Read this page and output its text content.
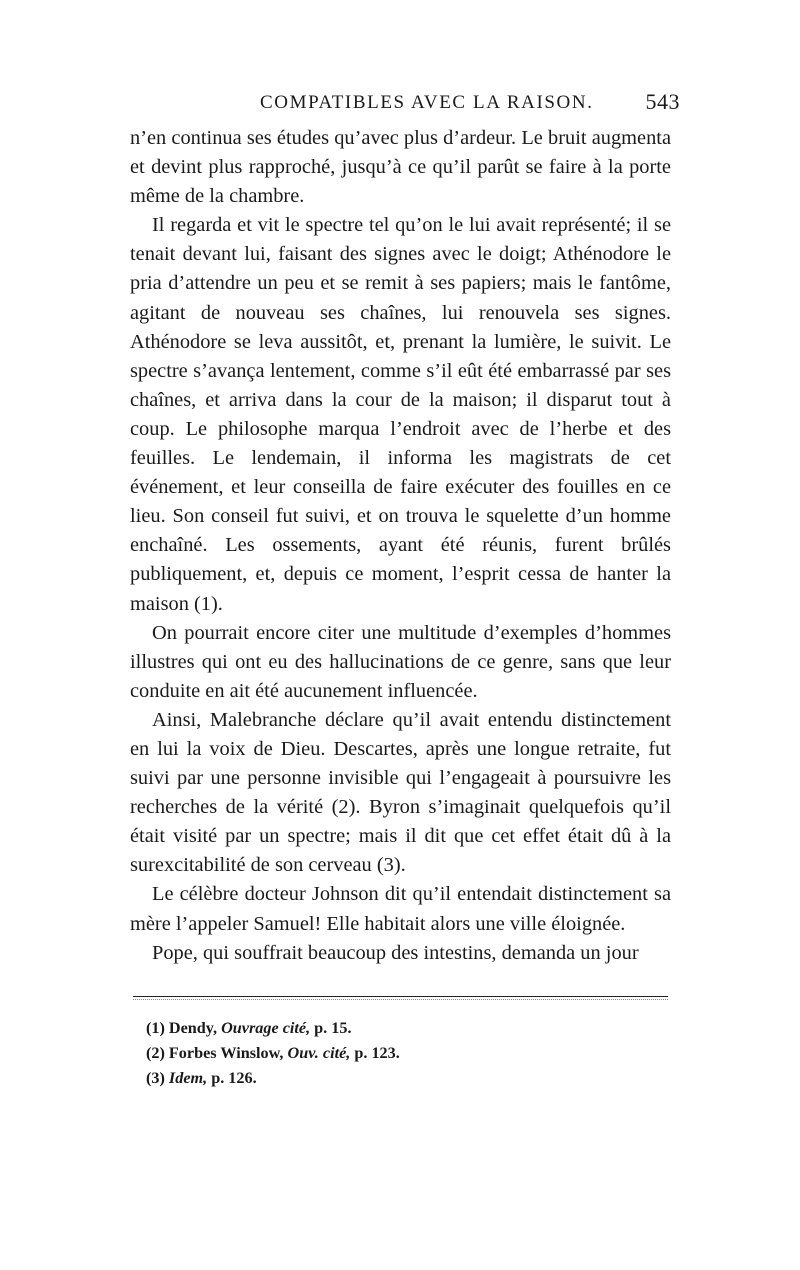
COMPATIBLES AVEC LA RAISON. 543

n’en continua ses études qu’avec plus d’ardeur. Le bruit augmenta et devint plus rapproché, jusqu’à ce qu’il parût se faire à la porte même de la chambre.

Il regarda et vit le spectre tel qu’on le lui avait représenté; il se tenait devant lui, faisant des signes avec le doigt; Athénodore le pria d’attendre un peu et se remit à ses papiers; mais le fantôme, agitant de nouveau ses chaînes, lui renouvela ses signes. Athénodore se leva aussitôt, et, prenant la lumière, le suivit. Le spectre s’avança lentement, comme s’il eût été embarrassé par ses chaînes, et arriva dans la cour de la maison; il disparut tout à coup. Le philosophe marqua l’endroit avec de l’herbe et des feuilles. Le lendemain, il informa les magistrats de cet événement, et leur conseilla de faire exécuter des fouilles en ce lieu. Son conseil fut suivi, et on trouva le squelette d’un homme enchaîné. Les ossements, ayant été réunis, furent brûlés publiquement, et, depuis ce moment, l’esprit cessa de hanter la maison (1).

On pourrait encore citer une multitude d’exemples d’hommes illustres qui ont eu des hallucinations de ce genre, sans que leur conduite en ait été aucunement influencée.

Ainsi, Malebranche déclare qu’il avait entendu distinctement en lui la voix de Dieu. Descartes, après une longue retraite, fut suivi par une personne invisible qui l’engageait à poursuivre les recherches de la vérité (2). Byron s’imaginait quelquefois qu’il était visité par un spectre; mais il dit que cet effet était dû à la surexcitabilité de son cerveau (3).

Le célèbre docteur Johnson dit qu’il entendait distinctement sa mère l’appeler Samuel! Elle habitait alors une ville éloignée.

Pope, qui souffrait beaucoup des intestins, demanda un jour

(1) Dendy, Ouvrage cité, p. 15.
(2) Forbes Winslow, Ouv. cité, p. 123.
(3) Idem, p. 126.
